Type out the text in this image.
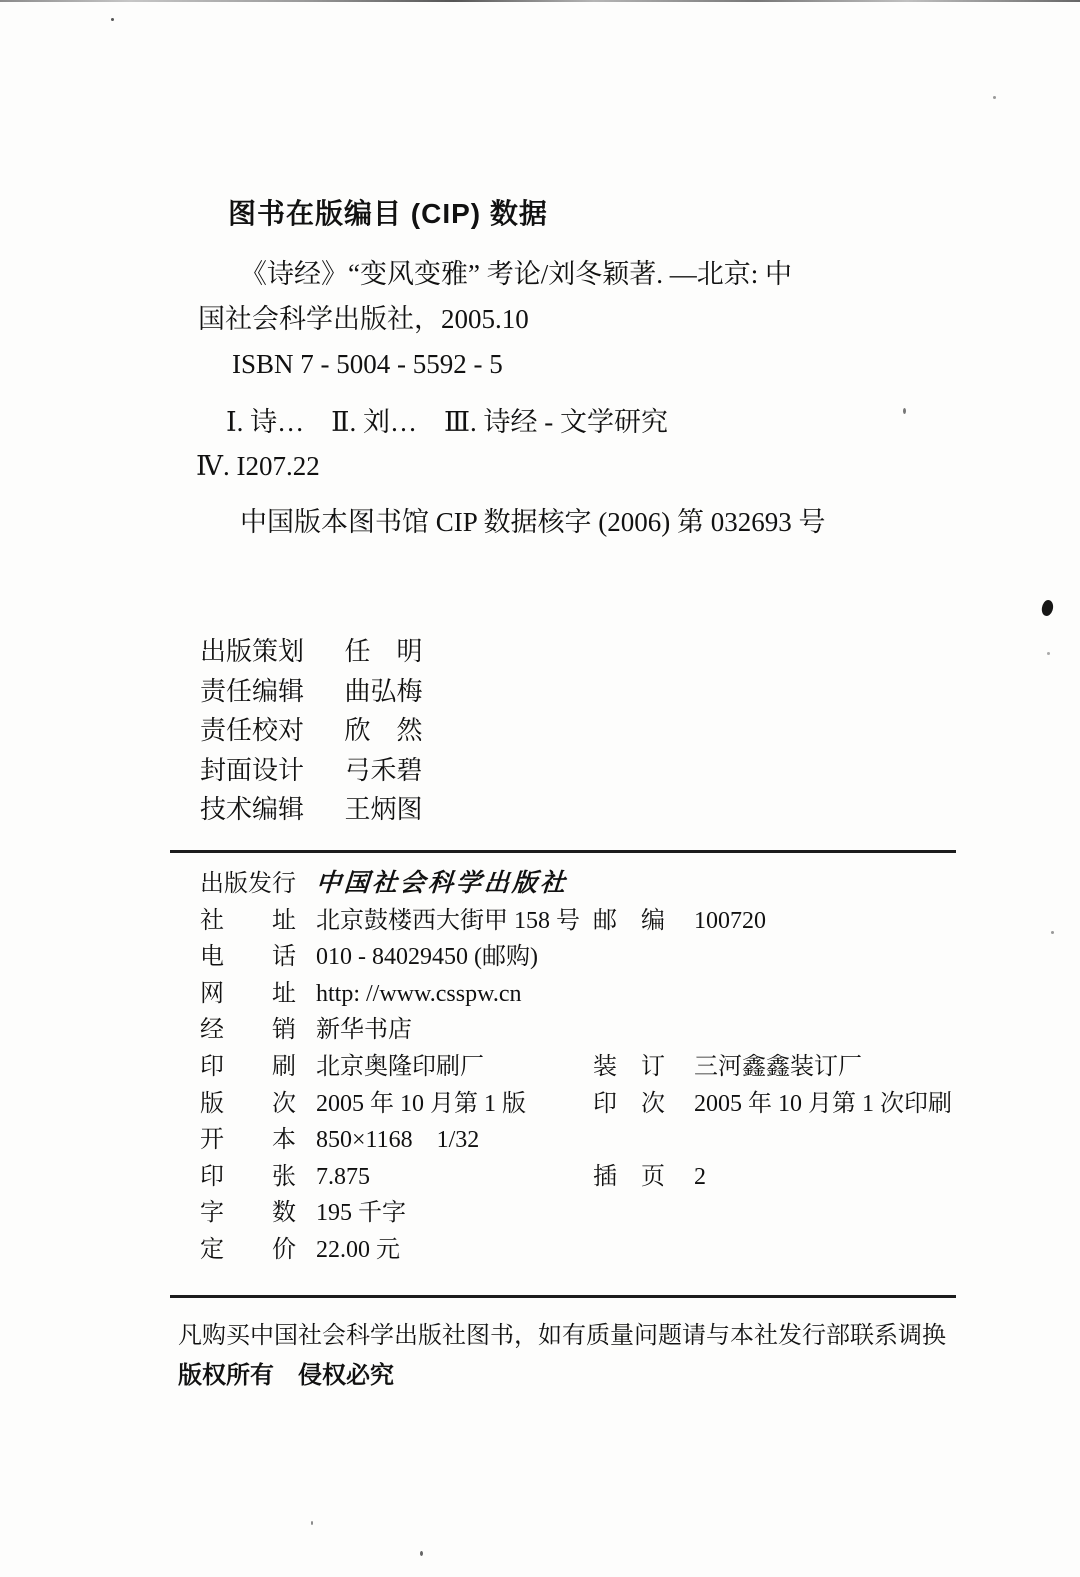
图书在版编目 (CIP) 数据
《诗经》“变风变雅” 考论/刘冬颖著. —北京: 中
国社会科学出版社，2005.10
ISBN 7 - 5004 - 5592 - 5
Ⅰ. 诗…　Ⅱ. 刘…　Ⅲ. 诗经 - 文学研究
Ⅳ. I207.22
中国版本图书馆 CIP 数据核字 (2006) 第 032693 号
出版策划 任　明
责任编辑 曲弘梅
责任校对 欣　然
封面设计 弓禾碧
技术编辑 王炳图
出版发行 中国社会科学出版社
社　　址 北京鼓楼西大街甲 158 号 邮　编 100720
电　　话 010 - 84029450 (邮购)
网　　址 http: //www.csspw.cn
经　　销 新华书店
印　　刷 北京奥隆印刷厂	装　订 三河鑫鑫装订厂
版　　次 2005 年 10 月第 1 版	印　次 2005 年 10 月第 1 次印刷
开　　本 850×1168　1/32
印　　张 7.875	插　页 2
字　　数 195 千字
定　　价 22.00 元
凡购买中国社会科学出版社图书，如有质量问题请与本社发行部联系调换
版权所有　侵权必究
